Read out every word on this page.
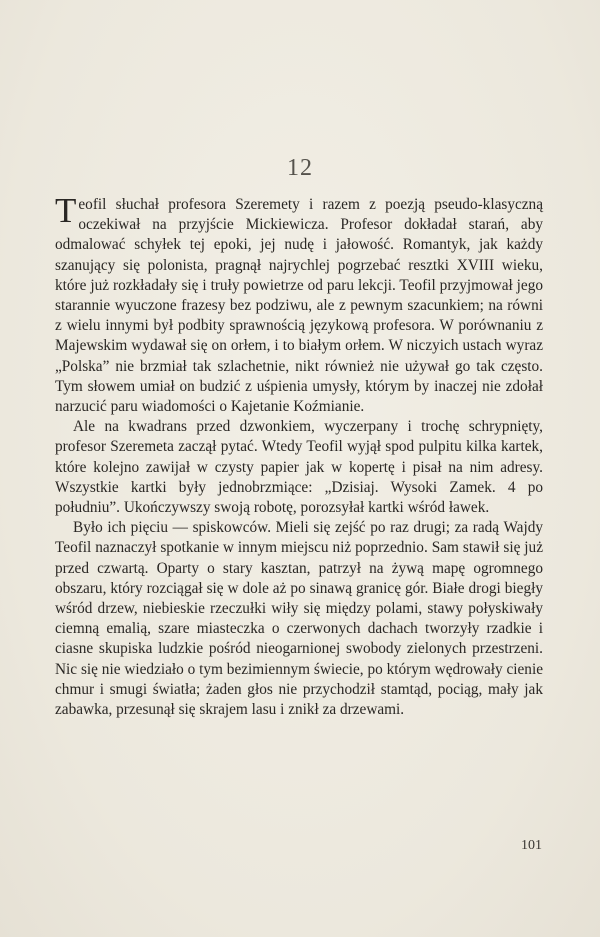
12

Teofil słuchał profesora Szeremety i razem z poezją pseudo-klasyczną oczekiwał na przyjście Mickiewicza. Profesor dokładał starań, aby odmalować schyłek tej epoki, jej nudę i jałowość. Romantyk, jak każdy szanujący się polonista, pragnął najrychlej pogrzebać resztki XVIII wieku, które już rozkładały się i truły powietrze od paru lekcji. Teofil przyjmował jego starannie wyuczone frazesy bez podziwu, ale z pewnym szacunkiem; na równi z wielu innymi był podbity sprawnością językową profesora. W porównaniu z Majewskim wydawał się on orłem, i to białym orłem. W niczyich ustach wyraz „Polska” nie brzmiał tak szlachetnie, nikt również nie używał go tak często. Tym słowem umiał on budzić z uśpienia umysły, którym by inaczej nie zdołał narzucić paru wiadomości o Kajetanie Koźmianie.

Ale na kwadrans przed dzwonkiem, wyczerpany i trochę schrypnięty, profesor Szeremeta zaczął pytać. Wtedy Teofil wyjął spod pulpitu kilka kartek, które kolejno zawijał w czysty papier jak w kopertę i pisał na nim adresy. Wszystkie kartki były jednobrzmiące: „Dzisiaj. Wysoki Zamek. 4 po południu”. Ukończywszy swoją robotę, porozsyłał kartki wśród ławek.

Było ich pięciu — spiskowców. Mieli się zejść po raz drugi; za radą Wajdy Teofil naznaczył spotkanie w innym miejscu niż poprzednio. Sam stawił się już przed czwartą. Oparty o stary kasztan, patrzył na żywą mapę ogromnego obszaru, który rozciągał się w dole aż po sinawą granicę gór. Białe drogi biegły wśród drzew, niebieskie rzeczułki wiły się między polami, stawy połyskiwały ciemną emalią, szare miasteczka o czerwonych dachach tworzyły rzadkie i ciasne skupiska ludzkie pośród nieogarnionej swobody zielonych przestrzeni. Nic się nie wiedziało o tym bezimiennym świecie, po którym wędrowały cienie chmur i smugi światła; żaden głos nie przychodził stamtąd, pociąg, mały jak zabawka, przesunął się skrajem lasu i znikł za drzewami.

101
